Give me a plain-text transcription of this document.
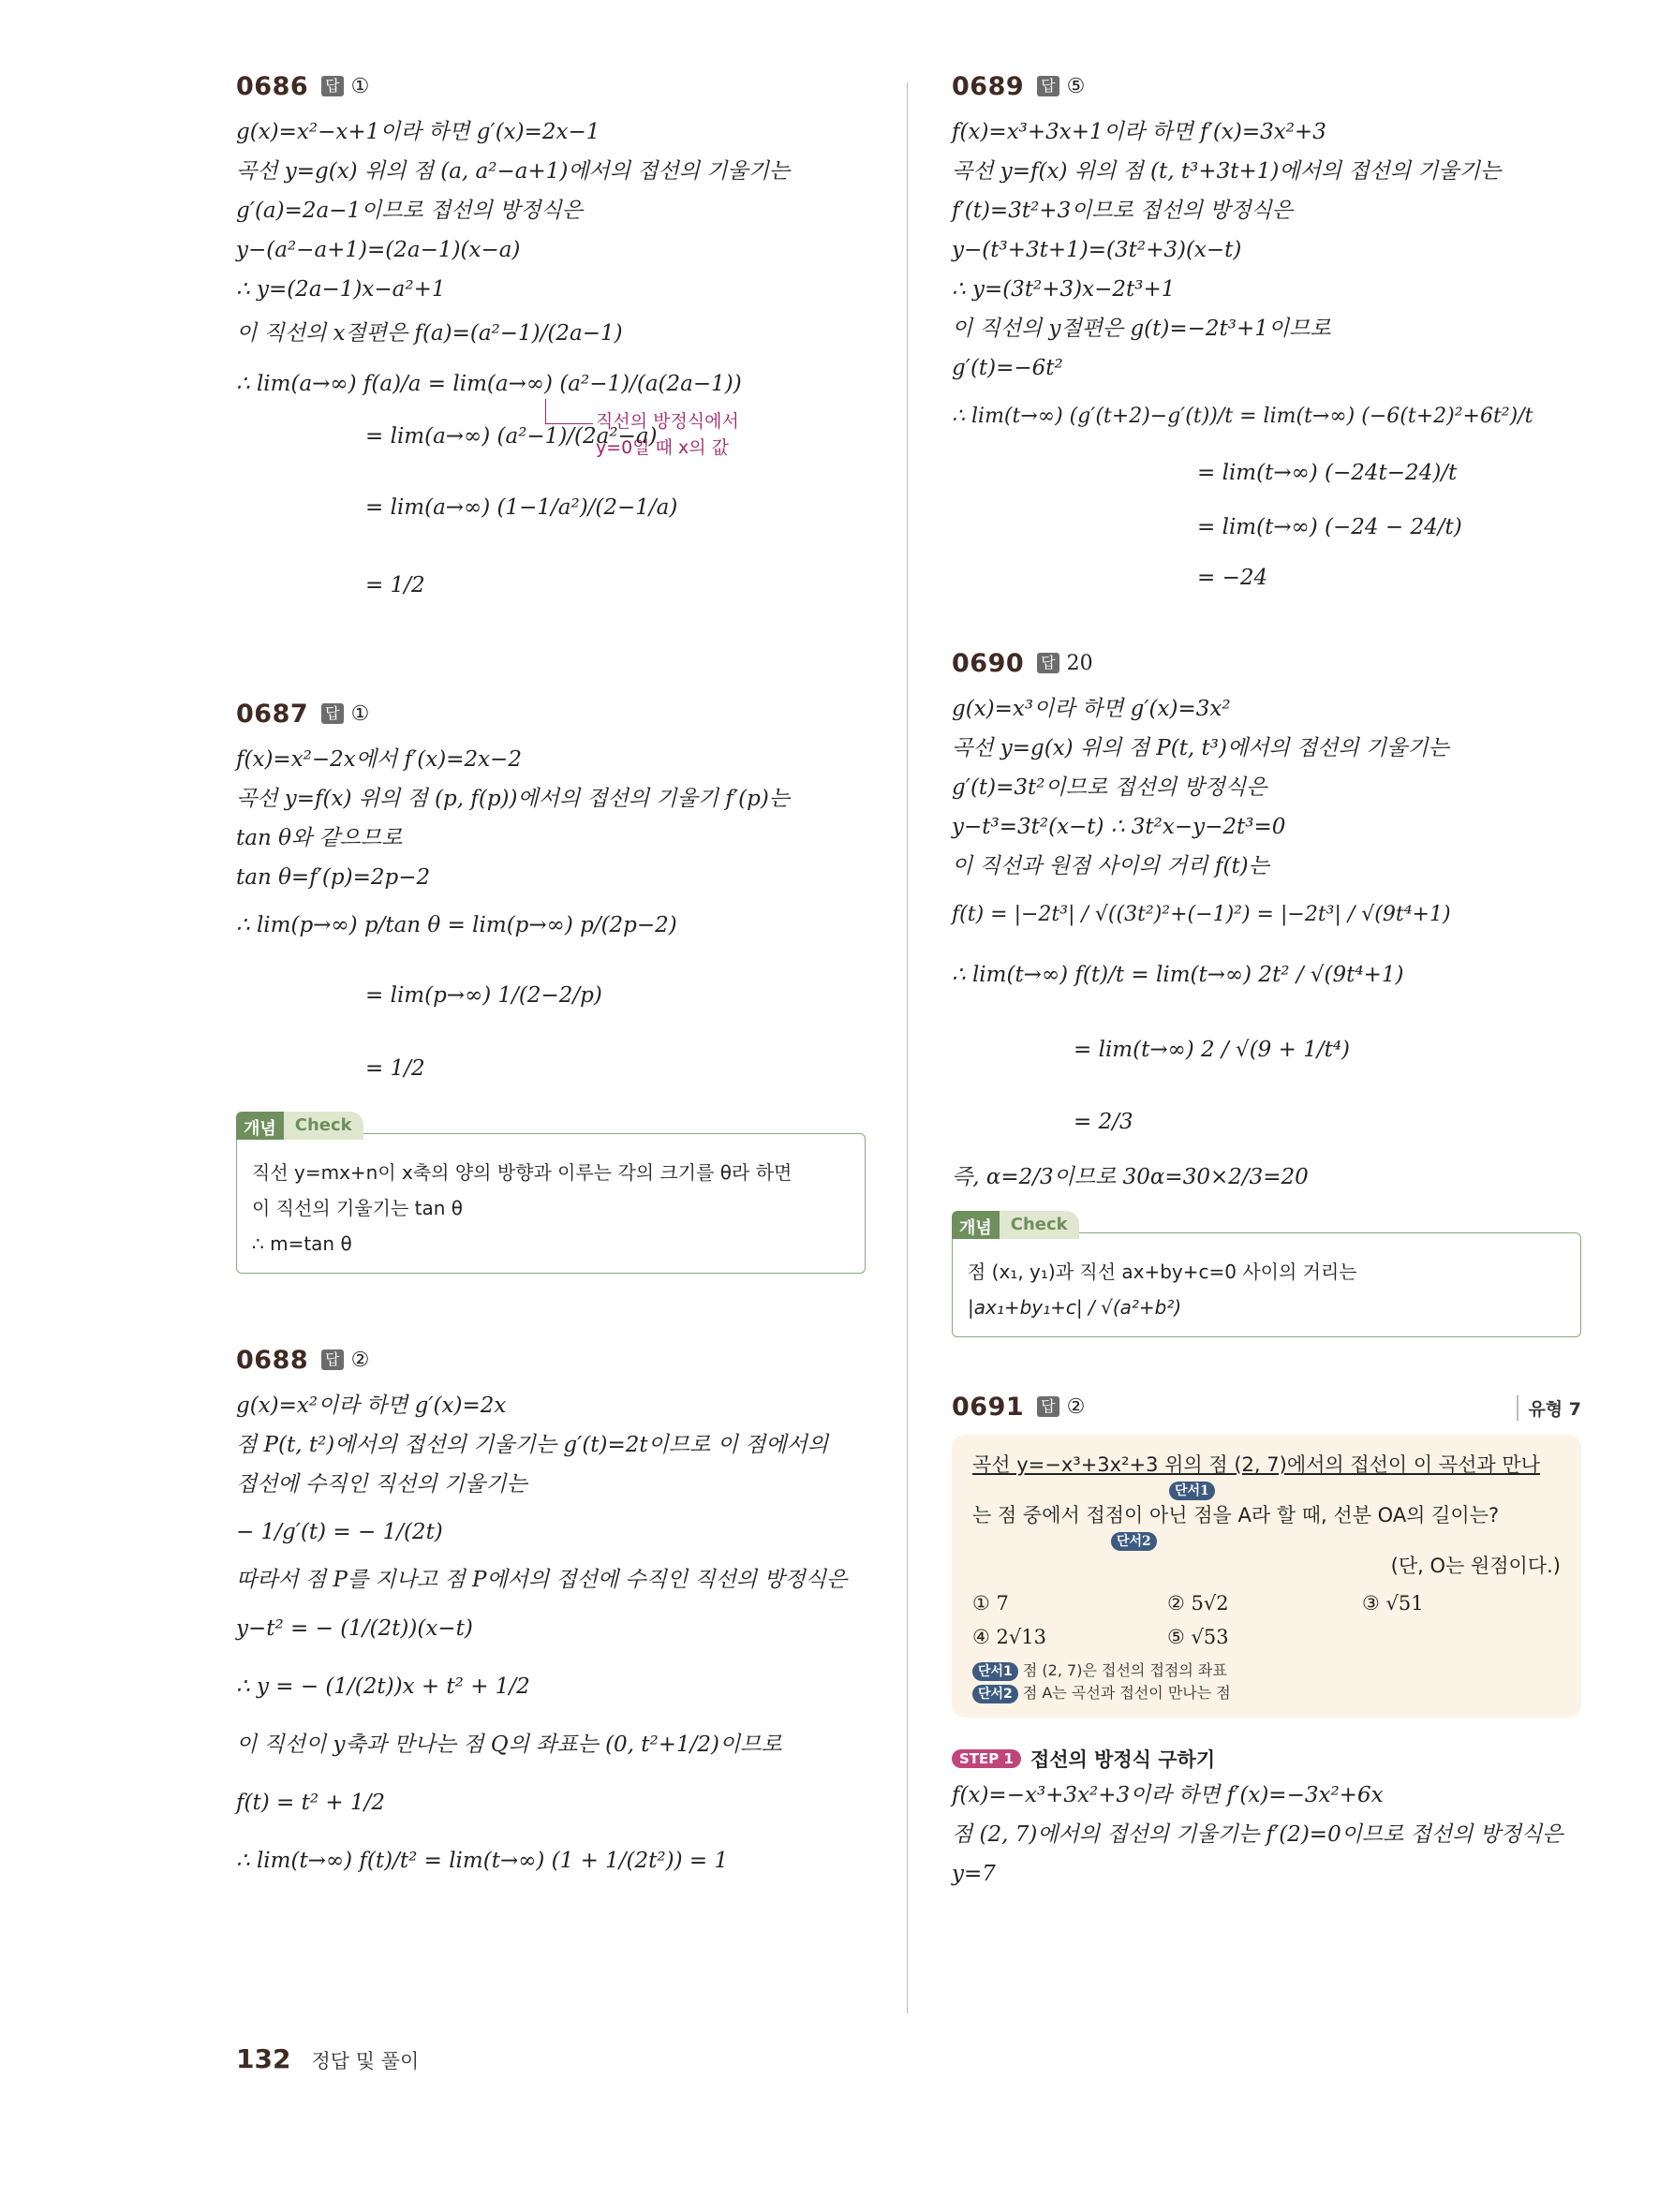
0686 답 ①
g(x)=x²−x+1이라 하면 g′(x)=2x−1
곡선 y=g(x) 위의 점 (a, a²−a+1)에서의 접선의 기울기는
g′(a)=2a−1이므로 접선의 방정식은
y−(a²−a+1)=(2a−1)(x−a)
∴ y=(2a−1)x−a²+1
이 직선의 x절편은 f(a)=(a²−1)/(2a−1)
∴ lim(a→∞) f(a)/a = lim(a→∞) (a²−1)/(a(2a−1))
= lim(a→∞) (a²−1)/(2a²−a)
= lim(a→∞) (1−1/a²)/(2−1/a)
= 1/2
직선의 방정식에서
y=0일 때 x의 값
0687 답 ①
f(x)=x²−2x에서 f′(x)=2x−2
곡선 y=f(x) 위의 점 (p, f(p))에서의 접선의 기울기 f′(p)는
tan θ와 같으므로
tan θ=f′(p)=2p−2
∴ lim(p→∞) p/tan θ = lim(p→∞) p/(2p−2)
= lim(p→∞) 1/(2−2/p)
= 1/2
개념	Check
직선 y=mx+n이 x축의 양의 방향과 이루는 각의 크기를 θ라 하면
이 직선의 기울기는 tan θ
∴ m=tan θ
0688 답 ②
g(x)=x²이라 하면 g′(x)=2x
점 P(t, t²)에서의 접선의 기울기는 g′(t)=2t이므로 이 점에서의
접선에 수직인 직선의 기울기는
− 1/g′(t) = − 1/(2t)
따라서 점 P를 지나고 점 P에서의 접선에 수직인 직선의 방정식은
y−t² = − (1/(2t))(x−t)
∴ y = − (1/(2t))x + t² + 1/2
이 직선이 y축과 만나는 점 Q의 좌표는 (0, t²+1/2)이므로
f(t) = t² + 1/2
∴ lim(t→∞) f(t)/t² = lim(t→∞) (1 + 1/(2t²)) = 1
0689 답 ⑤
f(x)=x³+3x+1이라 하면 f′(x)=3x²+3
곡선 y=f(x) 위의 점 (t, t³+3t+1)에서의 접선의 기울기는
f′(t)=3t²+3이므로 접선의 방정식은
y−(t³+3t+1)=(3t²+3)(x−t)
∴ y=(3t²+3)x−2t³+1
이 직선의 y절편은 g(t)=−2t³+1이므로
g′(t)=−6t²
∴ lim(t→∞) (g′(t+2)−g′(t))/t = lim(t→∞) (−6(t+2)²+6t²)/t
= lim(t→∞) (−24t−24)/t
= lim(t→∞) (−24 − 24/t)
= −24
0690 답 20
g(x)=x³이라 하면 g′(x)=3x²
곡선 y=g(x) 위의 점 P(t, t³)에서의 접선의 기울기는
g′(t)=3t²이므로 접선의 방정식은
y−t³=3t²(x−t) ∴ 3t²x−y−2t³=0
이 직선과 원점 사이의 거리 f(t)는
f(t) = |−2t³| / √((3t²)²+(−1)²) = |−2t³| / √(9t⁴+1)
∴ lim(t→∞) f(t)/t = lim(t→∞) 2t² / √(9t⁴+1)
= lim(t→∞) 2 / √(9 + 1/t⁴)
= 2/3
즉, α=2/3이므로 30α=30×2/3=20
개념	Check
점 (x₁, y₁)과 직선 ax+by+c=0 사이의 거리는
|ax₁+by₁+c| / √(a²+b²)
0691 답 ②	유형 7
곡선 y=−x³+3x²+3 위의 점 (2, 7)에서의 접선이 이 곡선과 만나
단서1
는 점 중에서 접점이 아닌 점을 A라 할 때, 선분 OA의 길이는?
단서2
(단, O는 원점이다.)
① 7	② 5√2	③ √51
④ 2√13	⑤ √53
단서1 점 (2, 7)은 접선의 접점의 좌표
단서2 점 A는 곡선과 접선이 만나는 점
STEP 1 접선의 방정식 구하기
f(x)=−x³+3x²+3이라 하면 f′(x)=−3x²+6x
점 (2, 7)에서의 접선의 기울기는 f′(2)=0이므로 접선의 방정식은
y=7
132 정답 및 풀이
